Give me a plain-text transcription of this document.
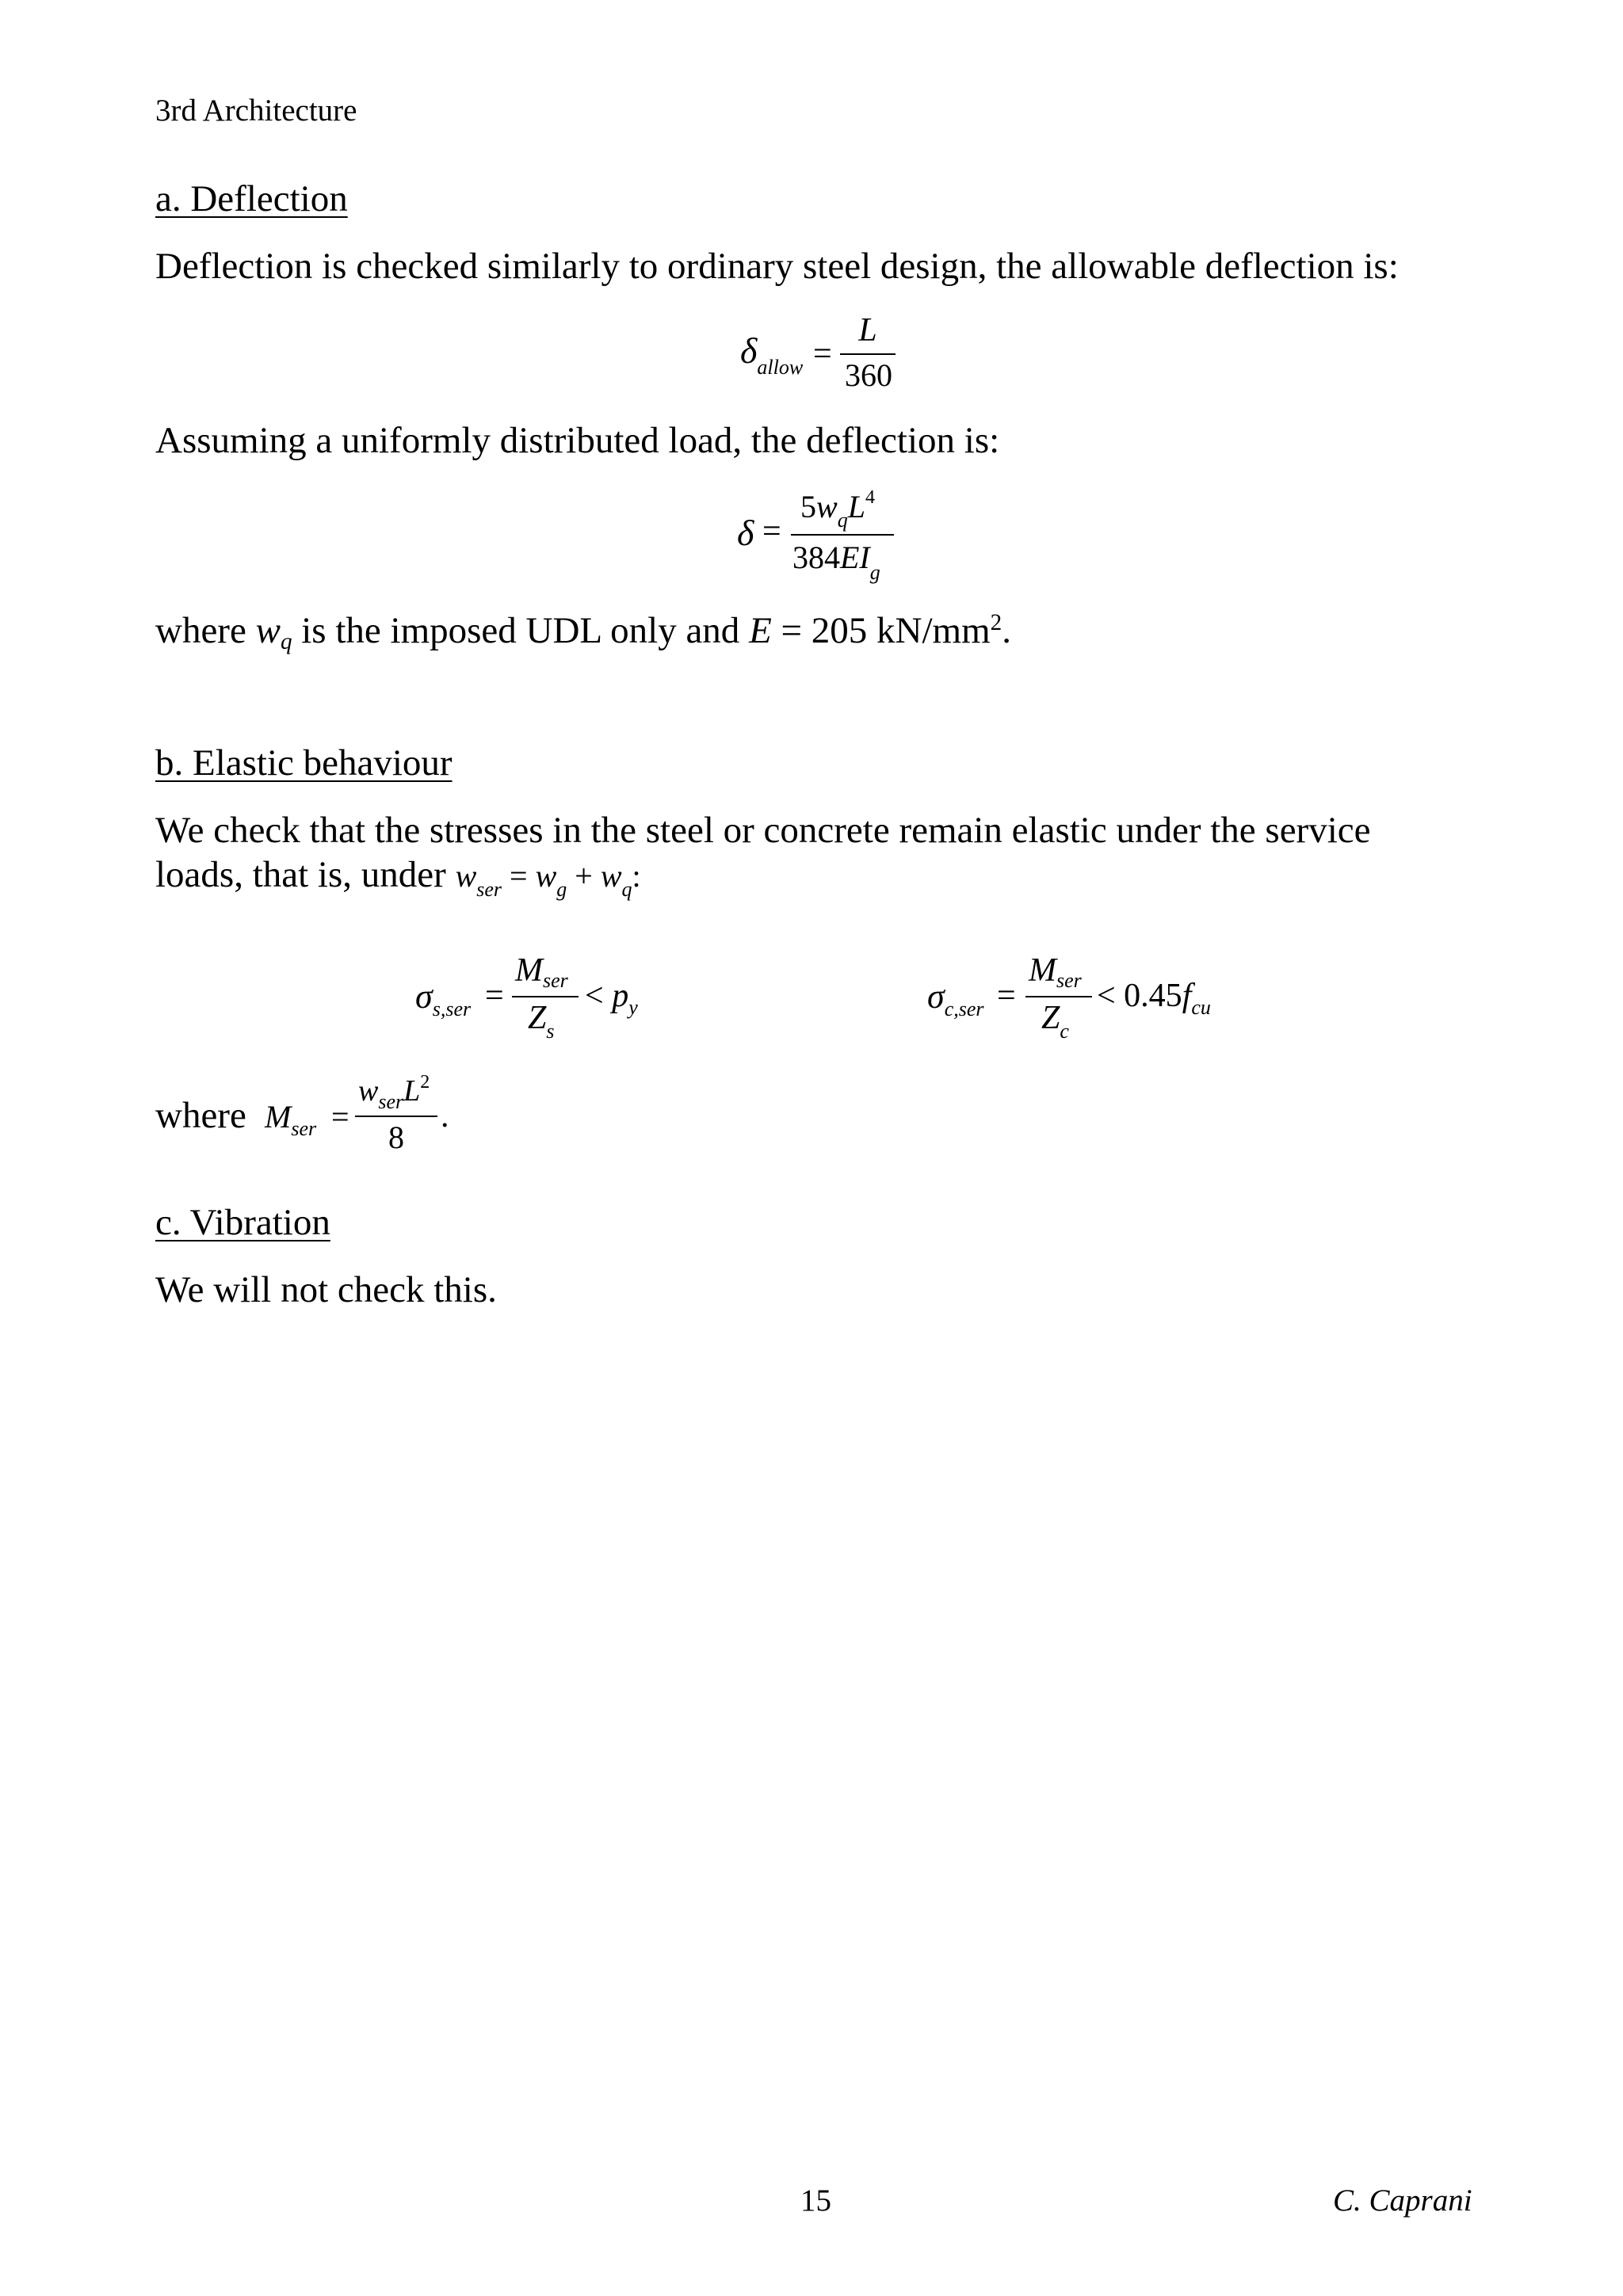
3rd Architecture
a. Deflection
Deflection is checked similarly to ordinary steel design, the allowable deflection is:
$\delta_{allow}$ =
L
360
Assuming a uniformly distributed load, the deflection is:
δ =
$5w_qL^4$
$384EI_g$
where $w_q$ is the imposed UDL only and E = 205 $kN/mm^2$.
b. Elastic behaviour
We check that the stresses in the steel or concrete remain elastic under the service
loads, that is, under $w_{ser} = w_g + w_q$:
$\sigma_{s,ser}$ =
Mser
$Z_s$
< $p_y$	$\sigma_{c,ser}$ =
Mser
$Z_c$
< $0.45f_{cu}$
where $M_{ser}$ =
$w_{ser}L^2$
8
.
c. Vibration
We will not check this.
15	C. Caprani
